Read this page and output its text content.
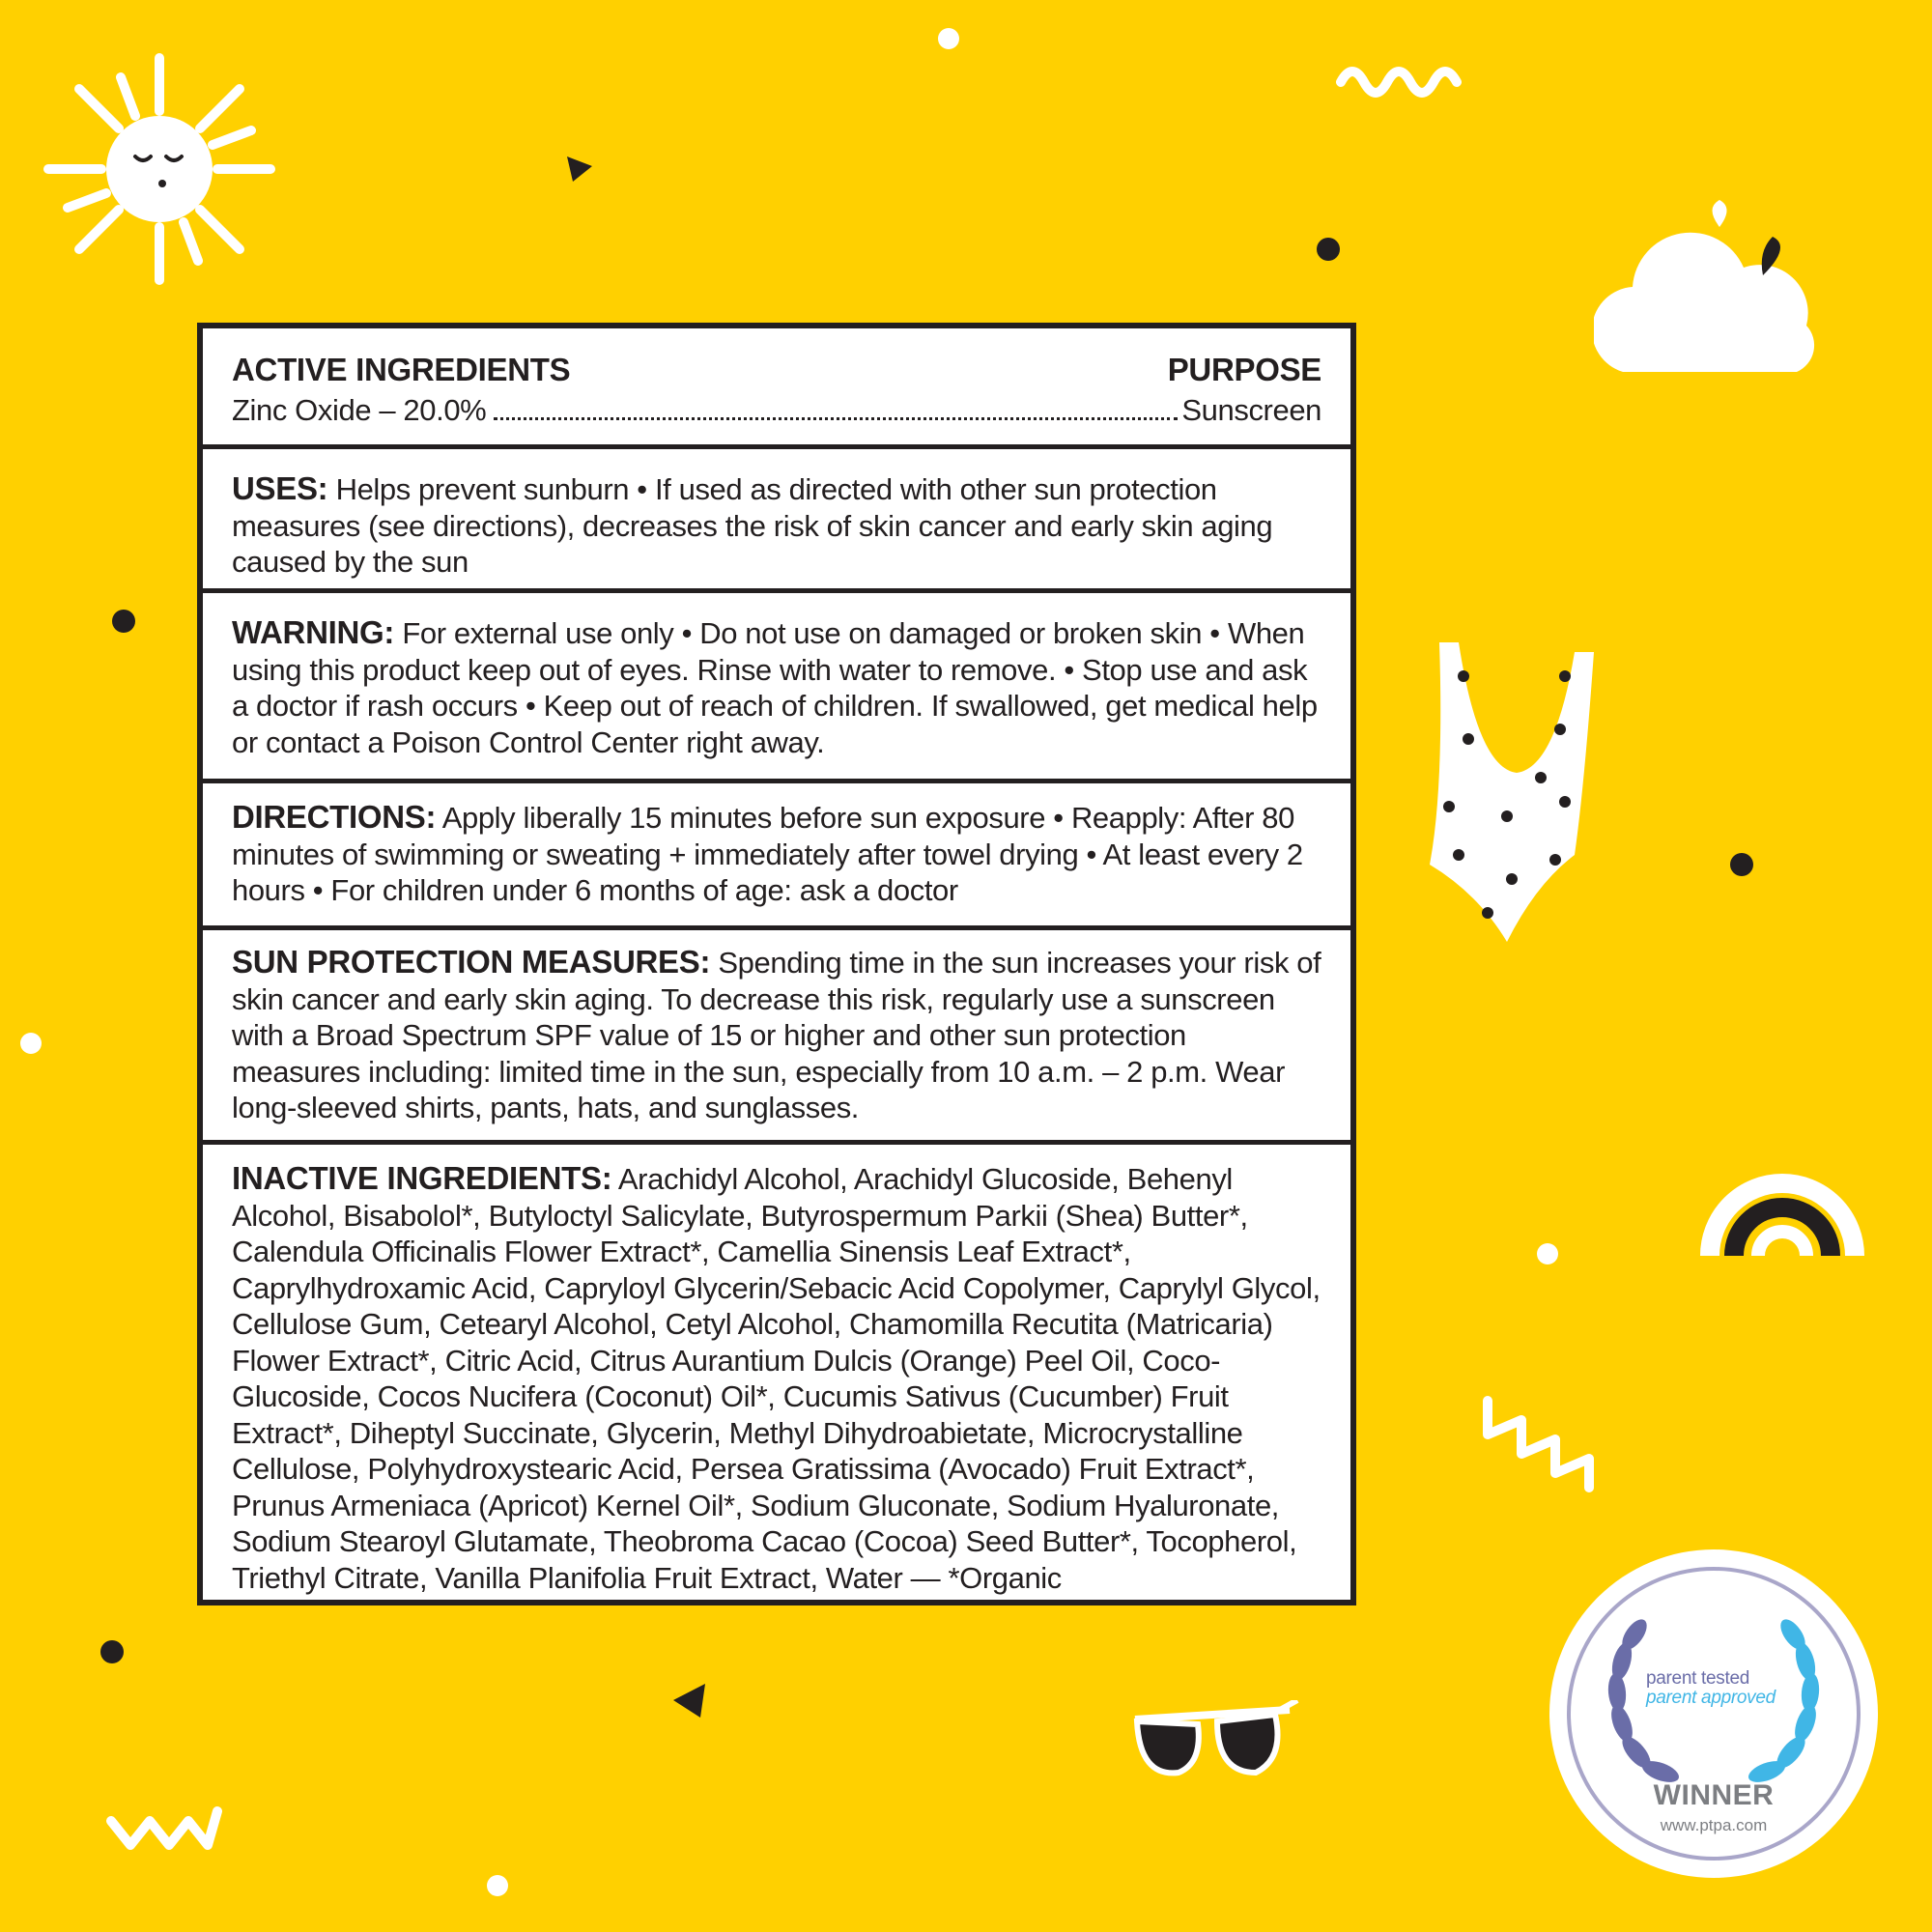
ACTIVE INGREDIENTS	PURPOSE
Zinc Oxide – 20.0%	Sunscreen
USES: Helps prevent sunburn • If used as directed with other sun protection measures (see directions), decreases the risk of skin cancer and early skin aging caused by the sun
WARNING: For external use only • Do not use on damaged or broken skin • When using this product keep out of eyes. Rinse with water to remove. • Stop use and ask a doctor if rash occurs • Keep out of reach of children. If swallowed, get medical help or contact a Poison Control Center right away.
DIRECTIONS: Apply liberally 15 minutes before sun exposure • Reapply: After 80 minutes of swimming or sweating + immediately after towel drying • At least every 2 hours • For children under 6 months of age: ask a doctor
SUN PROTECTION MEASURES: Spending time in the sun increases your risk of skin cancer and early skin aging. To decrease this risk, regularly use a sunscreen with a Broad Spectrum SPF value of 15 or higher and other sun protection measures including: limited time in the sun, especially from 10 a.m. – 2 p.m. Wear long-sleeved shirts, pants, hats, and sunglasses.
INACTIVE INGREDIENTS: Arachidyl Alcohol, Arachidyl Glucoside, Behenyl Alcohol, Bisabolol*, Butyloctyl Salicylate, Butyrospermum Parkii (Shea) Butter*, Calendula Officinalis Flower Extract*, Camellia Sinensis Leaf Extract*, Caprylhydroxamic Acid, Capryloyl Glycerin/Sebacic Acid Copolymer, Caprylyl Glycol, Cellulose Gum, Cetearyl Alcohol, Cetyl Alcohol, Chamomilla Recutita (Matricaria) Flower Extract*, Citric Acid, Citrus Aurantium Dulcis (Orange) Peel Oil, Coco-Glucoside, Cocos Nucifera (Coconut) Oil*, Cucumis Sativus (Cucumber) Fruit Extract*, Diheptyl Succinate, Glycerin, Methyl Dihydroabietate, Microcrystalline Cellulose, Polyhydroxystearic Acid, Persea Gratissima (Avocado) Fruit Extract*, Prunus Armeniaca (Apricot) Kernel Oil*, Sodium Gluconate, Sodium Hyaluronate, Sodium Stearoyl Glutamate, Theobroma Cacao (Cocoa) Seed Butter*, Tocopherol, Triethyl Citrate, Vanilla Planifolia Fruit Extract, Water — *Organic
parent tested
parent approved
WINNER
www.ptpa.com
